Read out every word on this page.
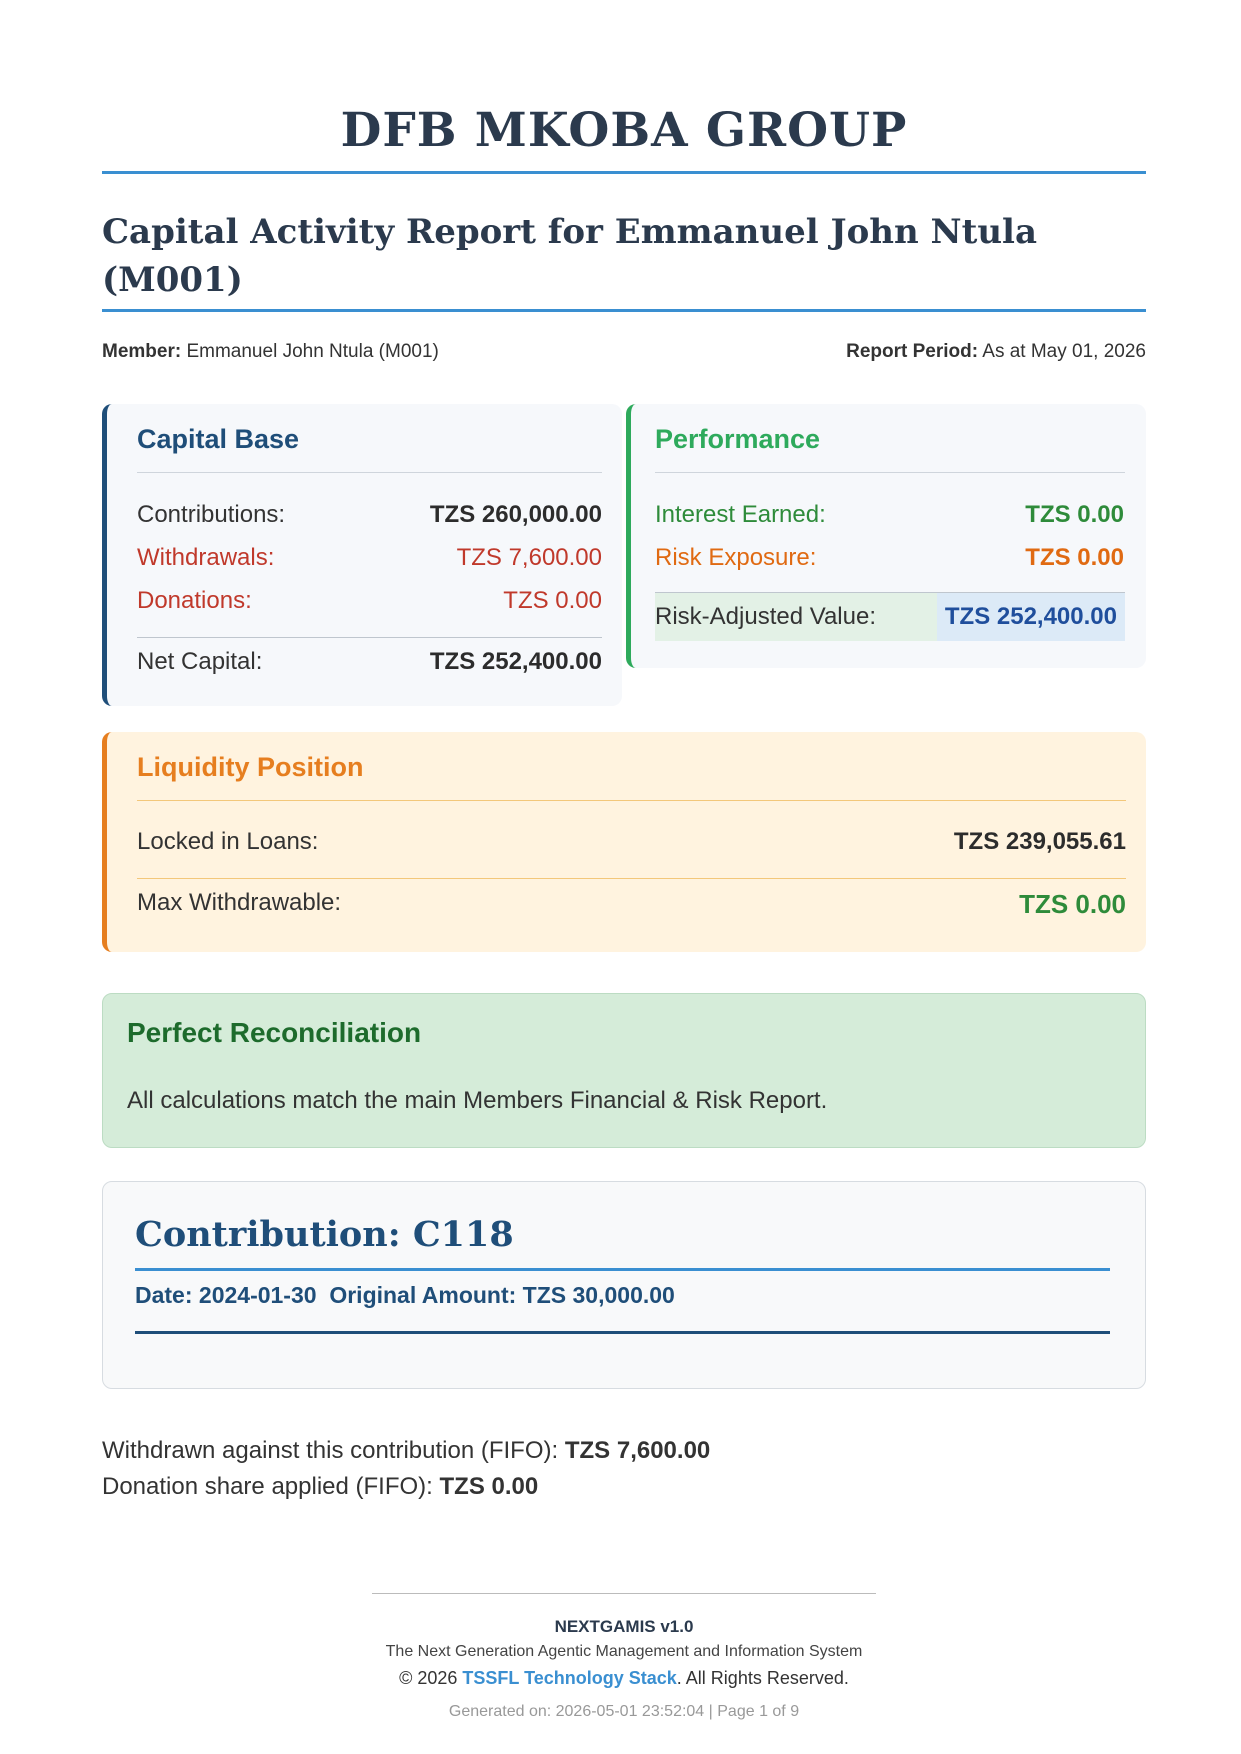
DFB MKOBA GROUP
Capital Activity Report for Emmanuel John Ntula (M001)
Member: Emmanuel John Ntula (M001)	Report Period: As at May 01, 2026
Capital Base
Contributions:	TZS 260,000.00
Withdrawals:	TZS 7,600.00
Donations:	TZS 0.00
Net Capital:	TZS 252,400.00
Performance
Interest Earned:	TZS 0.00
Risk Exposure:	TZS 0.00
Risk-Adjusted Value:	TZS 252,400.00
Liquidity Position
Locked in Loans:	TZS 239,055.61
Max Withdrawable:	TZS 0.00
Perfect Reconciliation
All calculations match the main Members Financial & Risk Report.
Contribution: C118
Date: 2024-01-30  Original Amount: TZS 30,000.00
Withdrawn against this contribution (FIFO): TZS 7,600.00
Donation share applied (FIFO): TZS 0.00
NEXTGAMIS v1.0
The Next Generation Agentic Management and Information System
© 2026 TSSFL Technology Stack. All Rights Reserved.
Generated on: 2026-05-01 23:52:04 | Page 1 of 9
